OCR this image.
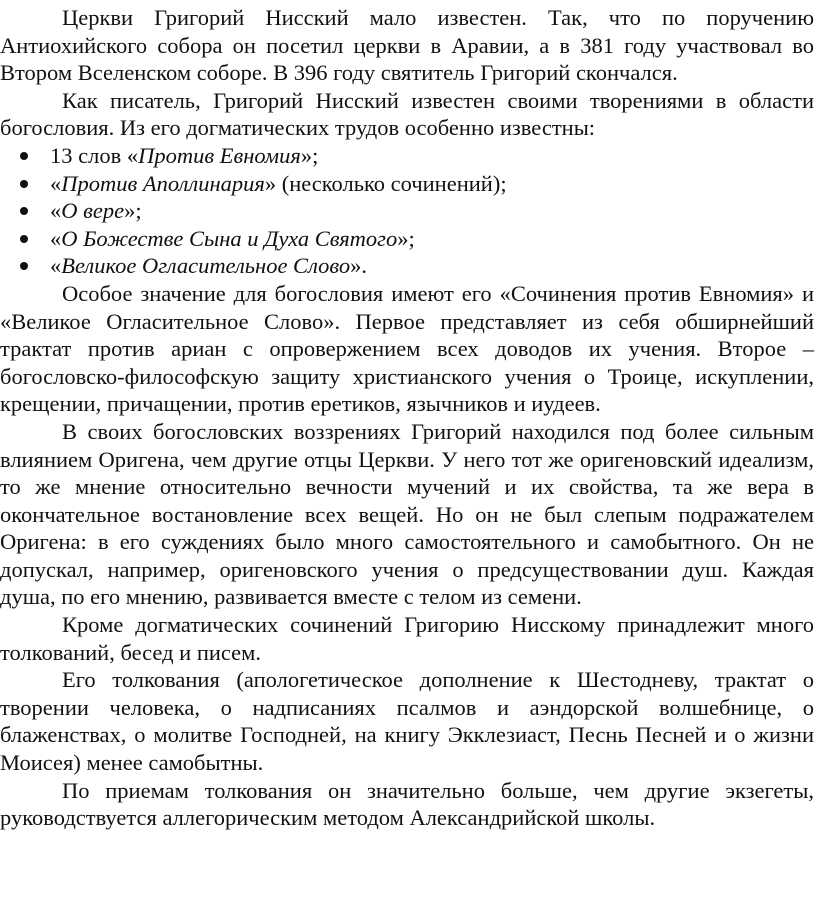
Церкви Григорий Нисский мало известен. Так, что по поручению Антиохийского собора он посетил церкви в Аравии, а в 381 году участвовал во Втором Вселенском соборе. В 396 году святитель Григорий скончался.

Как писатель, Григорий Нисский известен своими творениями в области богословия. Из его догматических трудов особенно известны:

13 слов «Против Евномия»;
«Против Аполлинария» (несколько сочинений);
«О вере»;
«О Божестве Сына и Духа Святого»;
«Великое Огласительное Слово».

Особое значение для богословия имеют его «Сочинения против Евномия» и «Великое Огласительное Слово». Первое представляет из себя обширнейший трактат против ариан с опровержением всех доводов их учения. Второе – богословско-философскую защиту христианского учения о Троице, искуплении, крещении, причащении, против еретиков, язычников и иудеев.

В своих богословских воззрениях Григорий находился под более сильным влиянием Оригена, чем другие отцы Церкви. У него тот же оригеновский идеализм, то же мнение относительно вечности мучений и их свойства, та же вера в окончательное востановление всех вещей. Но он не был слепым подражателем Оригена: в его суждениях было много самостоятельного и самобытного. Он не допускал, например, оригеновского учения о предсуществовании душ. Каждая душа, по его мнению, развивается вместе с телом из семени.

Кроме догматических сочинений Григорию Нисскому принадлежит много толкований, бесед и писем.

Его толкования (апологетическое дополнение к Шестодневу, трактат о творении человека, о надписаниях псалмов и аэндорской волшебнице, о блаженствах, о молитве Господней, на книгу Экклезиаст, Песнь Песней и о жизни Моисея) менее самобытны.

По приемам толкования он значительно больше, чем другие экзегеты, руководствуется аллегорическим методом Александрийской школы.
